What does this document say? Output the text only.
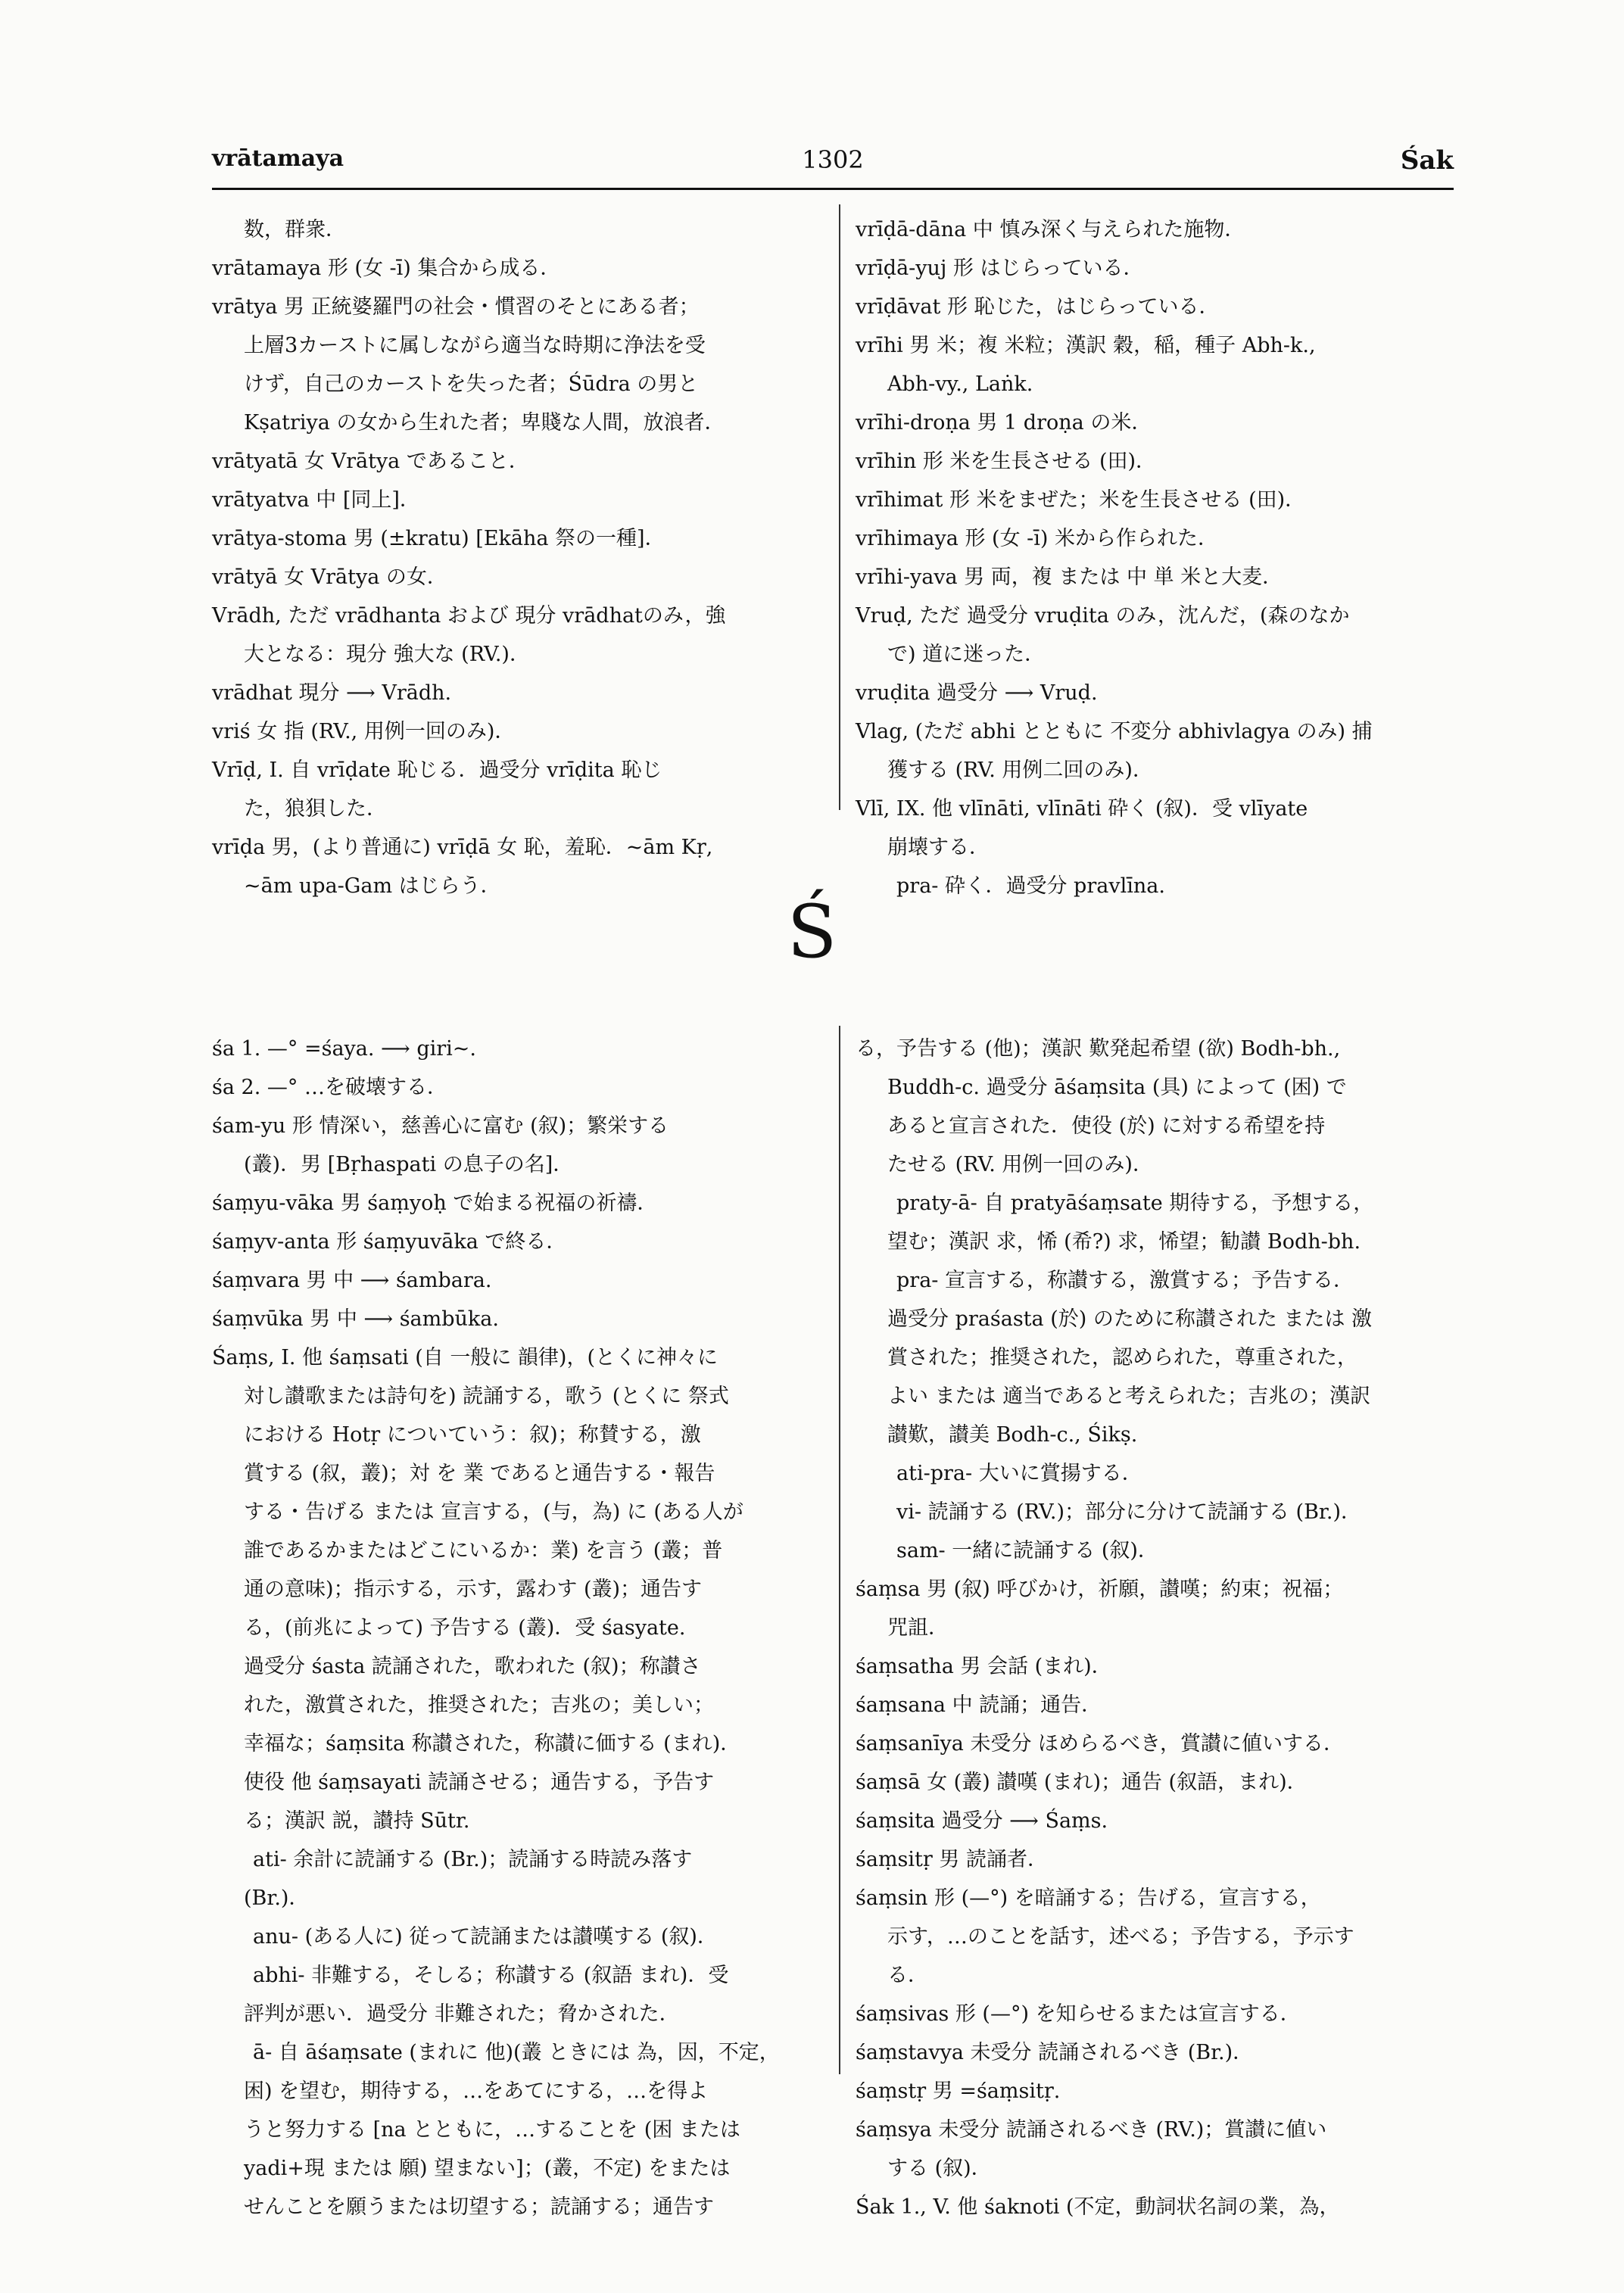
vrātamaya	1302	Śak

数，群衆．

vrātamaya 形 (女 -ī) 集合から成る．

vrātya 男 正統婆羅門の社会・慣習のそとにある者；

上層3カーストに属しながら適当な時期に浄法を受

けず，自己のカーストを失った者；Śūdra の男と

Kṣatriya の女から生れた者；卑賤な人間，放浪者．

vrātyatā 女 Vrātya であること．

vrātyatva 中 [同上]．

vrātya-stoma 男 (±kratu) [Ekāha 祭の一種]．

vrātyā 女 Vrātya の女．

Vrādh, ただ vrādhanta および 現分 vrādhatのみ，強

大となる：現分 強大な (RV.)．

vrādhat 現分 ⟶ Vrādh.

vriś 女 指 (RV., 用例一回のみ)．

Vrīḍ, I. 自 vrīḍate 恥じる．過受分 vrīḍita 恥じ

た，狼狽した．

vrīḍa 男，(より普通に) vrīḍā 女 恥，羞恥．~ām Kṛ,

~ām upa-Gam はじらう．

vrīḍā-dāna 中 慎み深く与えられた施物．

vrīḍā-yuj 形 はじらっている．

vrīḍāvat 形 恥じた，はじらっている．

vrīhi 男 米；複 米粒；漢訳 穀，稲，種子 Abh-k.,

Abh-vy., Laṅk.

vrīhi-droṇa 男 1 droṇa の米．

vrīhin 形 米を生長させる (田)．

vrīhimat 形 米をまぜた；米を生長させる (田)．

vrīhimaya 形 (女 -ī) 米から作られた．

vrīhi-yava 男 両，複 または 中 単 米と大麦．

Vruḍ, ただ 過受分 vruḍita のみ，沈んだ，(森のなか

で) 道に迷った．

vruḍita 過受分 ⟶ Vruḍ.

Vlag, (ただ abhi とともに 不変分 abhivlagya のみ) 捕

獲する (RV. 用例二回のみ)．

Vlī, IX. 他 vlīnāti, vlīnāti 砕く (叙)．受 vlīyate

崩壊する．

pra- 砕く．過受分 pravlīna.

Ś

śa 1. —° =śaya. ⟶ giri~.

śa 2. —° …を破壊する．

śam-yu 形 情深い，慈善心に富む (叙)；繁栄する

(叢)．男 [Bṛhaspati の息子の名]．

śaṃyu-vāka 男 śaṃyoḥ で始まる祝福の祈禱．

śaṃyv-anta 形 śaṃyuvāka で終る．

śaṃvara 男 中 ⟶ śambara.

śaṃvūka 男 中 ⟶ śambūka.

Śaṃs, I. 他 śaṃsati (自 一般に 韻律)，(とくに神々に

対し讃歌または詩句を) 読誦する，歌う (とくに 祭式

における Hotṛ についていう：叙)；称賛する，激

賞する (叙，叢)；対 を 業 であると通告する・報告

する・告げる または 宣言する，(与，為) に (ある人が

誰であるかまたはどこにいるか：業) を言う (叢；普

通の意味)；指示する，示す，露わす (叢)；通告す

る，(前兆によって) 予告する (叢)．受 śasyate.

過受分 śasta 読誦された，歌われた (叙)；称讃さ

れた，激賞された，推奨された；吉兆の；美しい；

幸福な；śaṃsita 称讃された，称讃に価する (まれ)．

使役 他 śaṃsayati 読誦させる；通告する，予告す

る；漢訳 説，讃持 Sūtr.

ati- 余計に読誦する (Br.)；読誦する時読み落す

(Br.)．

anu- (ある人に) 従って読誦または讃嘆する (叙)．

abhi- 非難する，そしる；称讃する (叙語 まれ)．受

評判が悪い．過受分 非難された；脅かされた．

ā- 自 āśaṃsate (まれに 他)(叢 ときには 為，因，不定，

困) を望む，期待する，…をあてにする，…を得よ

うと努力する [na とともに，…することを (困 または

yadi+現 または 願) 望まない]；(叢，不定) をまたは

せんことを願うまたは切望する；読誦する；通告す

る，予告する (他)；漢訳 歎発起希望 (欲) Bodh-bh.,

Buddh-c. 過受分 āśaṃsita (具) によって (困) で

あると宣言された．使役 (於) に対する希望を持

たせる (RV. 用例一回のみ)．

praty-ā- 自 pratyāśaṃsate 期待する，予想する，

望む；漢訳 求，悕 (希?) 求，悕望；勧讃 Bodh-bh.

pra- 宣言する，称讃する，激賞する；予告する．

過受分 praśasta (於) のために称讃された または 激

賞された；推奨された，認められた，尊重された，

よい または 適当であると考えられた；吉兆の；漢訳

讃歎，讃美 Bodh-c., Śikṣ.

ati-pra- 大いに賞揚する．

vi- 読誦する (RV.)；部分に分けて読誦する (Br.)．

sam- 一緒に読誦する (叙)．

śaṃsa 男 (叙) 呼びかけ，祈願，讃嘆；約束；祝福；

咒詛．

śaṃsatha 男 会話 (まれ)．

śaṃsana 中 読誦；通告．

śaṃsanīya 未受分 ほめらるべき，賞讃に値いする．

śaṃsā 女 (叢) 讃嘆 (まれ)；通告 (叙語，まれ)．

śaṃsita 過受分 ⟶ Śaṃs.

śaṃsitṛ 男 読誦者．

śaṃsin 形 (—°) を暗誦する；告げる，宣言する，

示す，…のことを話す，述べる；予告する，予示す

る．

śaṃsivas 形 (—°) を知らせるまたは宣言する．

śaṃstavya 未受分 読誦されるべき (Br.)．

śaṃstṛ 男 =śaṃsitṛ.

śaṃsya 未受分 読誦されるべき (RV.)；賞讃に値い

する (叙)．

Śak 1., V. 他 śaknoti (不定，動詞状名詞の業，為，
